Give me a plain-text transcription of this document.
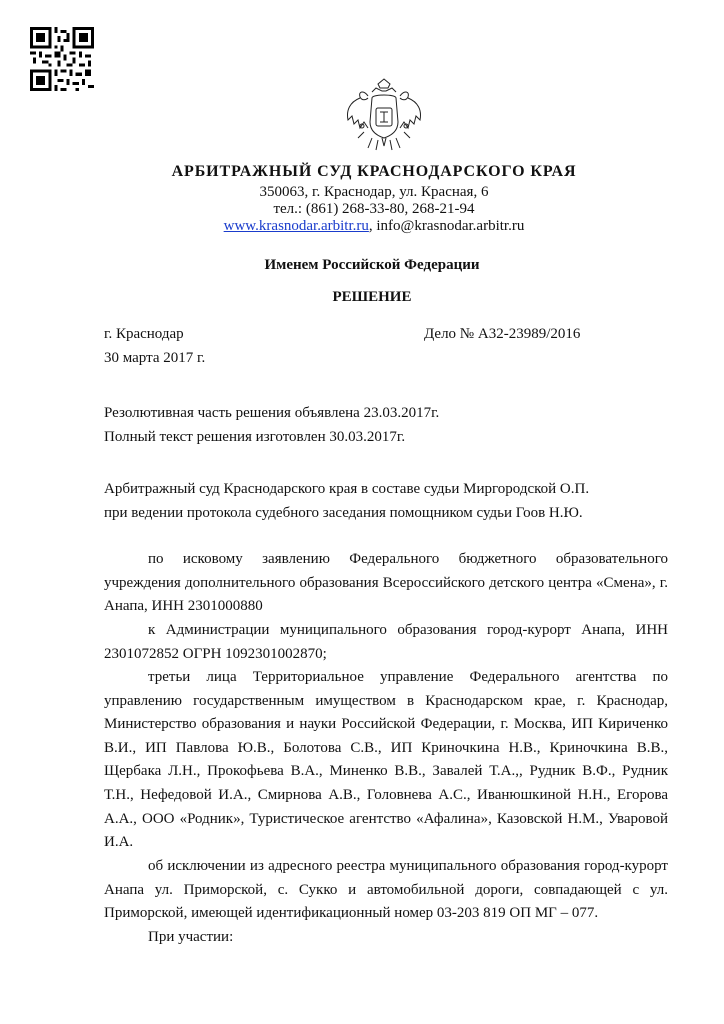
АРБИТРАЖНЫЙ СУД КРАСНОДАРСКОГО КРАЯ
350063, г. Краснодар, ул. Красная, 6
тел.: (861) 268-33-80, 268-21-94
www.krasnodar.arbitr.ru, info@krasnodar.arbitr.ru
Именем Российской Федерации
РЕШЕНИЕ
г. Краснодар	Дело № А32-23989/2016
30 марта 2017 г.
Резолютивная часть решения объявлена 23.03.2017г.
Полный текст решения изготовлен 30.03.2017г.
Арбитражный суд Краснодарского края в составе судьи Миргородской О.П.
при ведении протокола судебного заседания помощником судьи Гоов Н.Ю.

по исковому заявлению Федерального бюджетного образовательного учреждения дополнительного образования Всероссийского детского центра «Смена», г. Анапа, ИНН 2301000880

к Администрации муниципального образования город-курорт Анапа, ИНН 2301072852 ОГРН 1092301002870;

третьи лица Территориальное управление Федерального агентства по управлению государственным имуществом в Краснодарском крае, г. Краснодар, Министерство образования и науки Российской Федерации, г. Москва, ИП Кириченко В.И., ИП Павлова Ю.В., Болотова С.В., ИП Криночкина Н.В., Криночкина В.В., Щербака Л.Н., Прокофьева В.А., Миненко В.В., Завалей Т.А.,, Рудник В.Ф., Рудник Т.Н., Нефедовой И.А., Смирнова А.В., Головнева А.С., Иванюшкиной Н.Н., Егорова А.А., ООО «Родник», Туристическое агентство «Афалина», Казовской Н.М., Уваровой И.А.

об исключении из адресного реестра муниципального образования город-курорт Анапа ул. Приморской, с. Сукко и автомобильной дороги, совпадающей с ул. Приморской, имеющей идентификационный номер 03-203 819 ОП МГ – 077.

При участии:
